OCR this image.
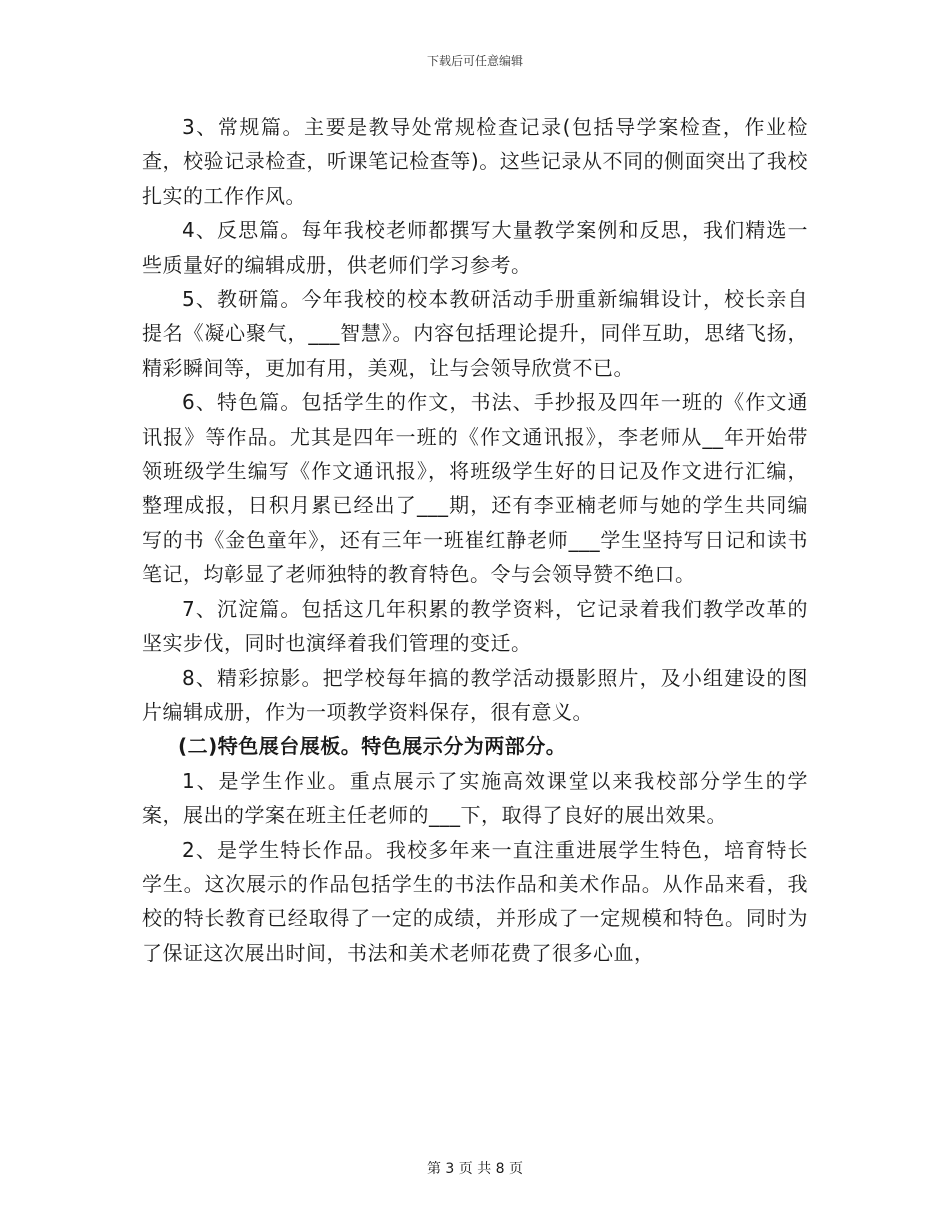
下载后可任意编辑

3、常规篇。主要是教导处常规检查记录(包括导学案检查，作业检查，校验记录检查，听课笔记检查等)。这些记录从不同的侧面突出了我校扎实的工作作风。

4、反思篇。每年我校老师都撰写大量教学案例和反思，我们精选一些质量好的编辑成册，供老师们学习参考。

5、教研篇。今年我校的校本教研活动手册重新编辑设计，校长亲自提名《凝心聚气，___智慧》。内容包括理论提升，同伴互助，思绪飞扬，精彩瞬间等，更加有用，美观，让与会领导欣赏不已。

6、特色篇。包括学生的作文，书法、手抄报及四年一班的《作文通讯报》等作品。尤其是四年一班的《作文通讯报》，李老师从__年开始带领班级学生编写《作文通讯报》，将班级学生好的日记及作文进行汇编，整理成报，日积月累已经出了___期，还有李亚楠老师与她的学生共同编写的书《金色童年》，还有三年一班崔红静老师___学生坚持写日记和读书笔记，均彰显了老师独特的教育特色。令与会领导赞不绝口。

7、沉淀篇。包括这几年积累的教学资料，它记录着我们教学改革的坚实步伐，同时也演绎着我们管理的变迁。

8、精彩掠影。把学校每年搞的教学活动摄影照片，及小组建设的图片编辑成册，作为一项教学资料保存，很有意义。

(二)特色展台展板。特色展示分为两部分。

1、是学生作业。重点展示了实施高效课堂以来我校部分学生的学案，展出的学案在班主任老师的___下，取得了良好的展出效果。

2、是学生特长作品。我校多年来一直注重进展学生特色，培育特长学生。这次展示的作品包括学生的书法作品和美术作品。从作品来看，我校的特长教育已经取得了一定的成绩，并形成了一定规模和特色。同时为了保证这次展出时间，书法和美术老师花费了很多心血，

第 3 页 共 8 页
